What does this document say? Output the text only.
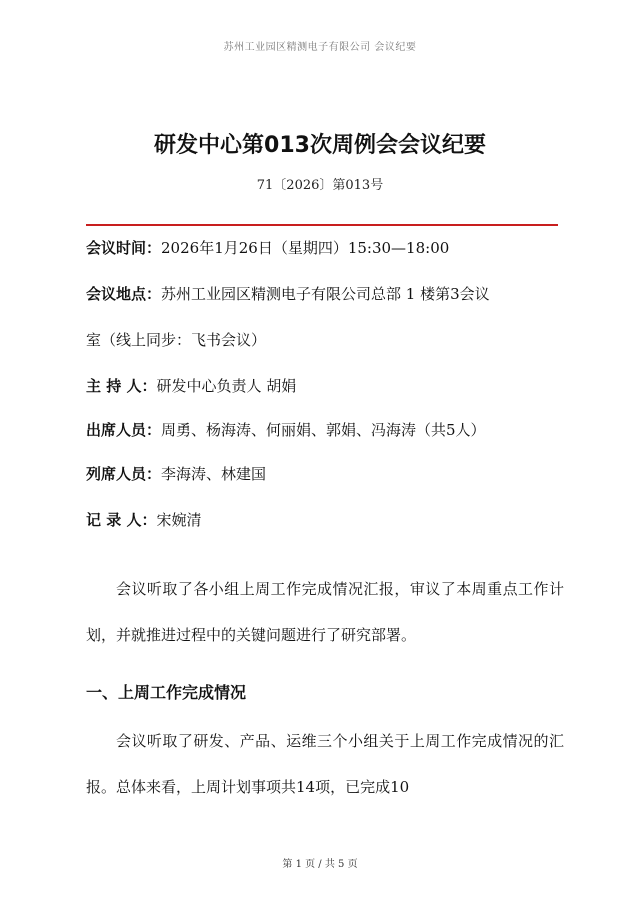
苏州工业园区精测电子有限公司 会议纪要
研发中心第013次周例会会议纪要
71〔2026〕第013号
会议时间：2026年1月26日（星期四）15:30—18:00
会议地点：苏州工业园区精测电子有限公司总部 1 楼第3会议
室（线上同步：飞书会议）
主 持 人：研发中心负责人 胡娟
出席人员：周勇、杨海涛、何丽娟、郭娟、冯海涛（共5人）
列席人员：李海涛、林建国
记 录 人：宋婉清
会议听取了各小组上周工作完成情况汇报，审议了本周重点工作计划，并就推进过程中的关键问题进行了研究部署。
一、上周工作完成情况
会议听取了研发、产品、运维三个小组关于上周工作完成情况的汇报。总体来看，上周计划事项共14项，已完成10
第 1 页 / 共 5 页
